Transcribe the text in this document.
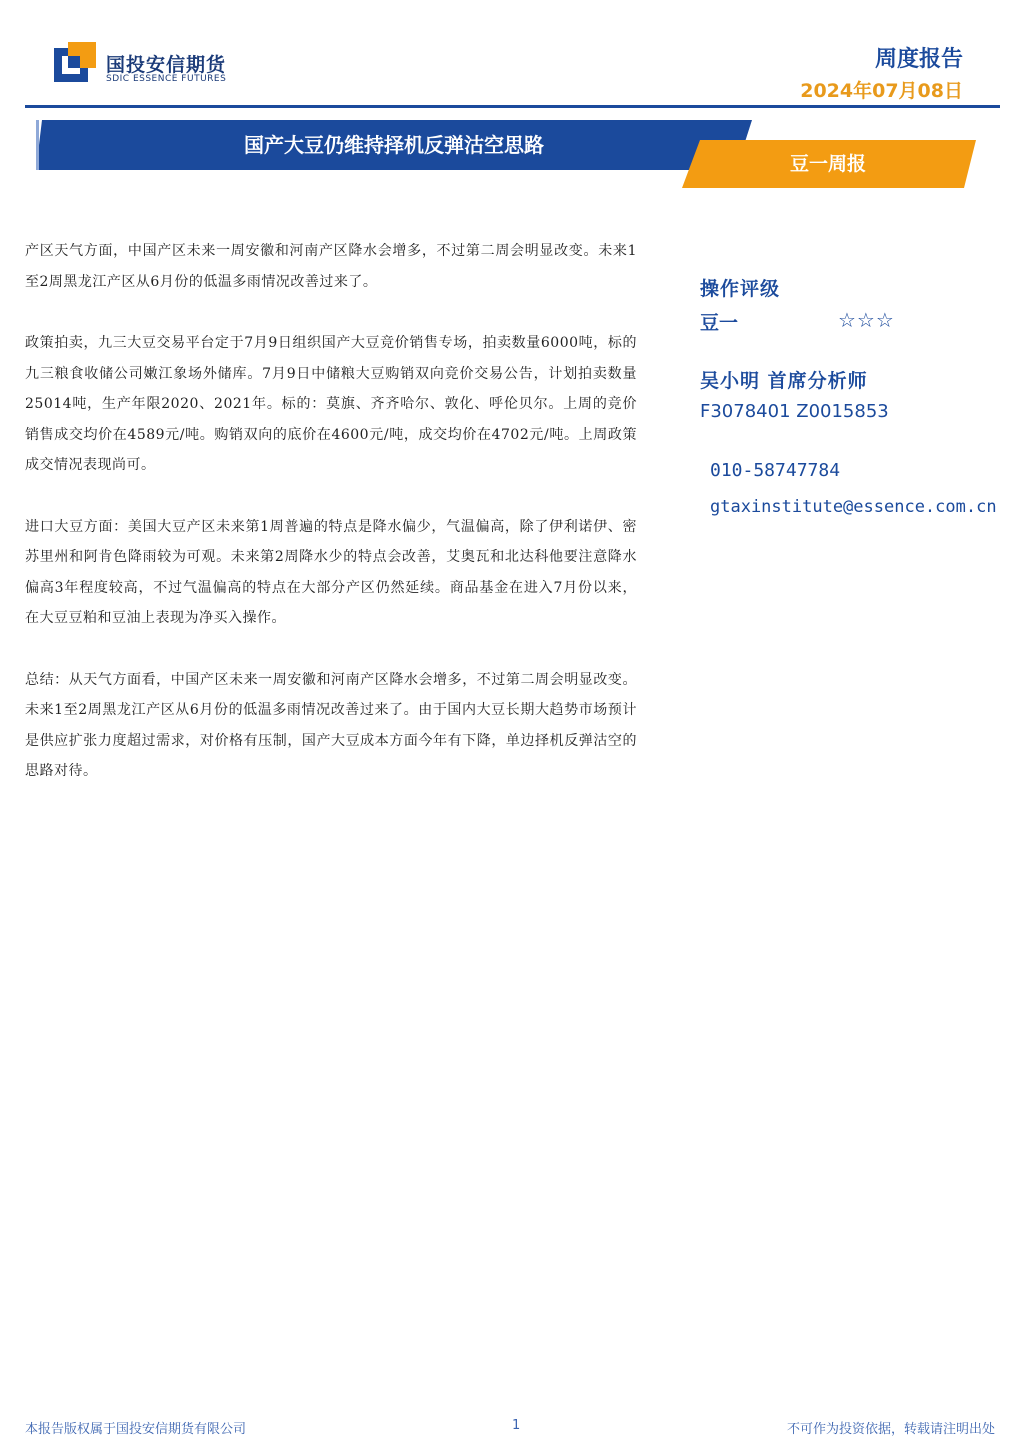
国投安信期货
SDIC ESSENCE FUTURES
周度报告
2024年07月08日
国产大豆仍维持择机反弹沽空思路
豆一周报

产区天气方面，中国产区未来一周安徽和河南产区降水会增多，不过第二周会明显改变。未来1至2周黑龙江产区从6月份的低温多雨情况改善过来了。

政策拍卖，九三大豆交易平台定于7月9日组织国产大豆竞价销售专场，拍卖数量6000吨，标的九三粮食收储公司嫩江象场外储库。7月9日中储粮大豆购销双向竞价交易公告，计划拍卖数量25014吨，生产年限2020、2021年。标的：莫旗、齐齐哈尔、敦化、呼伦贝尔。上周的竞价销售成交均价在4589元/吨。购销双向的底价在4600元/吨，成交均价在4702元/吨。上周政策成交情况表现尚可。

进口大豆方面：美国大豆产区未来第1周普遍的特点是降水偏少，气温偏高，除了伊利诺伊、密苏里州和阿肯色降雨较为可观。未来第2周降水少的特点会改善，艾奥瓦和北达科他要注意降水偏高3年程度较高，不过气温偏高的特点在大部分产区仍然延续。商品基金在进入7月份以来，在大豆豆粕和豆油上表现为净买入操作。

总结：从天气方面看，中国产区未来一周安徽和河南产区降水会增多，不过第二周会明显改变。未来1至2周黑龙江产区从6月份的低温多雨情况改善过来了。由于国内大豆长期大趋势市场预计是供应扩张力度超过需求，对价格有压制，国产大豆成本方面今年有下降，单边择机反弹沽空的思路对待。

操作评级
豆一	☆☆☆
吴小明 首席分析师
F3078401 Z0015853
010-58747784
gtaxinstitute@essence.com.cn
本报告版权属于国投安信期货有限公司	1	不可作为投资依据，转载请注明出处
